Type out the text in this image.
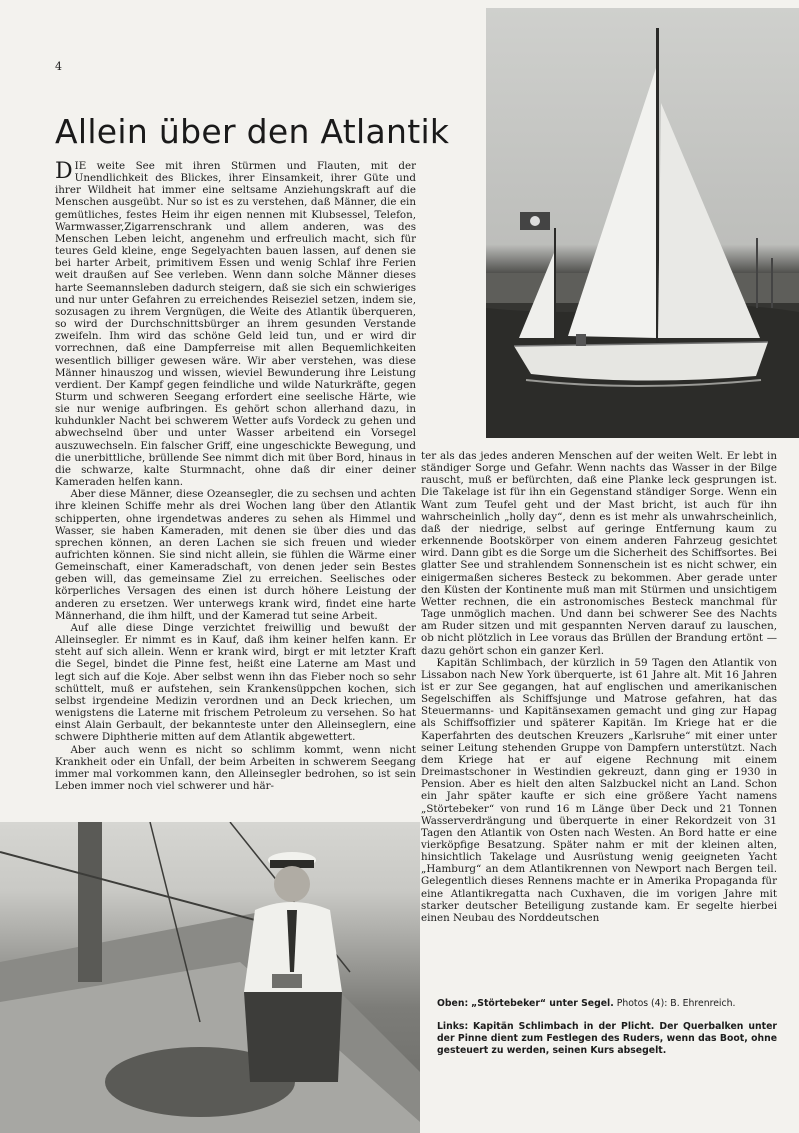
4
Allein über den Atlantik

DIE weite See mit ihren Stürmen und Flauten, mit der Unendlichkeit des Blickes, ihrer Einsamkeit, ihrer Güte und ihrer Wildheit hat immer eine seltsame Anziehungskraft auf die Menschen ausgeübt. Nur so ist es zu verstehen, daß Männer, die ein gemütliches, festes Heim ihr eigen nennen mit Klubsessel, Telefon, Warmwasser,Zigarrenschrank und allem anderen, was des Menschen Leben leicht, angenehm und erfreulich macht, sich für teures Geld kleine, enge Segelyachten bauen lassen, auf denen sie bei harter Arbeit, primitivem Essen und wenig Schlaf ihre Ferien weit draußen auf See verleben. Wenn dann solche Männer dieses harte Seemannsleben dadurch steigern, daß sie sich ein schwieriges und nur unter Gefahren zu erreichendes Reiseziel setzen, indem sie, sozusagen zu ihrem Vergnügen, die Weite des Atlantik überqueren, so wird der Durchschnittsbürger an ihrem gesunden Verstande zweifeln. Ihm wird das schöne Geld leid tun, und er wird dir vorrechnen, daß eine Dampferreise mit allen Bequemlichkeiten wesentlich billiger gewesen wäre. Wir aber verstehen, was diese Männer hinauszog und wissen, wieviel Bewunderung ihre Leistung verdient. Der Kampf gegen feindliche und wilde Naturkräfte, gegen Sturm und schweren Seegang erfordert eine seelische Härte, wie sie nur wenige aufbringen. Es gehört schon allerhand dazu, in kuhdunkler Nacht bei schwerem Wetter aufs Vordeck zu gehen und abwechselnd über und unter Wasser arbeitend ein Vorsegel auszuwechseln. Ein falscher Griff, eine ungeschickte Bewegung, und die unerbittliche, brüllende See nimmt dich mit über Bord, hinaus in die schwarze, kalte Sturmnacht, ohne daß dir einer deiner Kameraden helfen kann.

Aber diese Männer, diese Ozeansegler, die zu sechsen und achten ihre kleinen Schiffe mehr als drei Wochen lang über den Atlantik schipperten, ohne irgendetwas anderes zu sehen als Himmel und Wasser, sie haben Kameraden, mit denen sie über dies und das sprechen können, an deren Lachen sie sich freuen und wieder aufrichten können. Sie sind nicht allein, sie fühlen die Wärme einer Gemeinschaft, einer Kameradschaft, von denen jeder sein Bestes geben will, das gemeinsame Ziel zu erreichen. Seelisches oder körperliches Versagen des einen ist durch höhere Leistung der anderen zu ersetzen. Wer unterwegs krank wird, findet eine harte Männerhand, die ihm hilft, und der Kamerad tut seine Arbeit.

Auf alle diese Dinge verzichtet freiwillig und bewußt der Alleinsegler. Er nimmt es in Kauf, daß ihm keiner helfen kann. Er steht auf sich allein. Wenn er krank wird, birgt er mit letzter Kraft die Segel, bindet die Pinne fest, heißt eine Laterne am Mast und legt sich auf die Koje. Aber selbst wenn ihn das Fieber noch so sehr schüttelt, muß er aufstehen, sein Krankensüppchen kochen, sich selbst irgendeine Medizin verordnen und an Deck kriechen, um wenigstens die Laterne mit frischem Petroleum zu versehen. So hat einst Alain Gerbault, der bekannteste unter den Alleinseglern, eine schwere Diphtherie mitten auf dem Atlantik abgewettert.

Aber auch wenn es nicht so schlimm kommt, wenn nicht Krankheit oder ein Unfall, der beim Arbeiten in schwerem Seegang immer mal vorkommen kann, den Alleinsegler bedrohen, so ist sein Leben immer noch viel schwerer und här-

ter als das jedes anderen Menschen auf der weiten Welt. Er lebt in ständiger Sorge und Gefahr. Wenn nachts das Wasser in der Bilge rauscht, muß er befürchten, daß eine Planke leck gesprungen ist. Die Takelage ist für ihn ein Gegenstand ständiger Sorge. Wenn ein Want zum Teufel geht und der Mast bricht, ist auch für ihn wahrscheinlich „holly day“, denn es ist mehr als unwahrscheinlich, daß der niedrige, selbst auf geringe Entfernung kaum zu erkennende Bootskörper von einem anderen Fahrzeug gesichtet wird. Dann gibt es die Sorge um die Sicherheit des Schiffsortes. Bei glatter See und strahlendem Sonnenschein ist es nicht schwer, ein einigermaßen sicheres Besteck zu bekommen. Aber gerade unter den Küsten der Kontinente muß man mit Stürmen und unsichtigem Wetter rechnen, die ein astronomisches Besteck manchmal für Tage unmöglich machen. Und dann bei schwerer See des Nachts am Ruder sitzen und mit gespannten Nerven darauf zu lauschen, ob nicht plötzlich in Lee voraus das Brüllen der Brandung ertönt — dazu gehört schon ein ganzer Kerl.

Kapitän Schlimbach, der kürzlich in 59 Tagen den Atlantik von Lissabon nach New York überquerte, ist 61 Jahre alt. Mit 16 Jahren ist er zur See gegangen, hat auf englischen und amerikanischen Segelschiffen als Schiffsjunge und Matrose gefahren, hat das Steuermanns- und Kapitänsexamen gemacht und ging zur Hapag als Schiffsoffizier und späterer Kapitän. Im Kriege hat er die Kaperfahrten des deutschen Kreuzers „Karlsruhe“ mit einer unter seiner Leitung stehenden Gruppe von Dampfern unterstützt. Nach dem Kriege hat er auf eigene Rechnung mit einem Dreimastschoner in Westindien gekreuzt, dann ging er 1930 in Pension. Aber es hielt den alten Salzbuckel nicht an Land. Schon ein Jahr später kaufte er sich eine größere Yacht namens „Störtebeker“ von rund 16 m Länge über Deck und 21 Tonnen Wasserverdrängung und überquerte in einer Rekordzeit von 31 Tagen den Atlantik von Osten nach Westen. An Bord hatte er eine vierköpfige Besatzung. Später nahm er mit der kleinen alten, hinsichtlich Takelage und Ausrüstung wenig geeigneten Yacht „Hamburg“ an dem Atlantikrennen von Newport nach Bergen teil. Gelegentlich dieses Rennens machte er in Amerika Propaganda für eine Atlantikregatta nach Cuxhaven, die im vorigen Jahre mit starker deutscher Beteiligung zustande kam. Er segelte hierbei einen Neubau des Norddeutschen

Oben: „Störtebeker“ unter Segel. Photos (4): B. Ehrenreich.

Links: Kapitän Schlimbach in der Plicht. Der Querbalken unter der Pinne dient zum Festlegen des Ruders, wenn das Boot, ohne gesteuert zu werden, seinen Kurs absegelt.
